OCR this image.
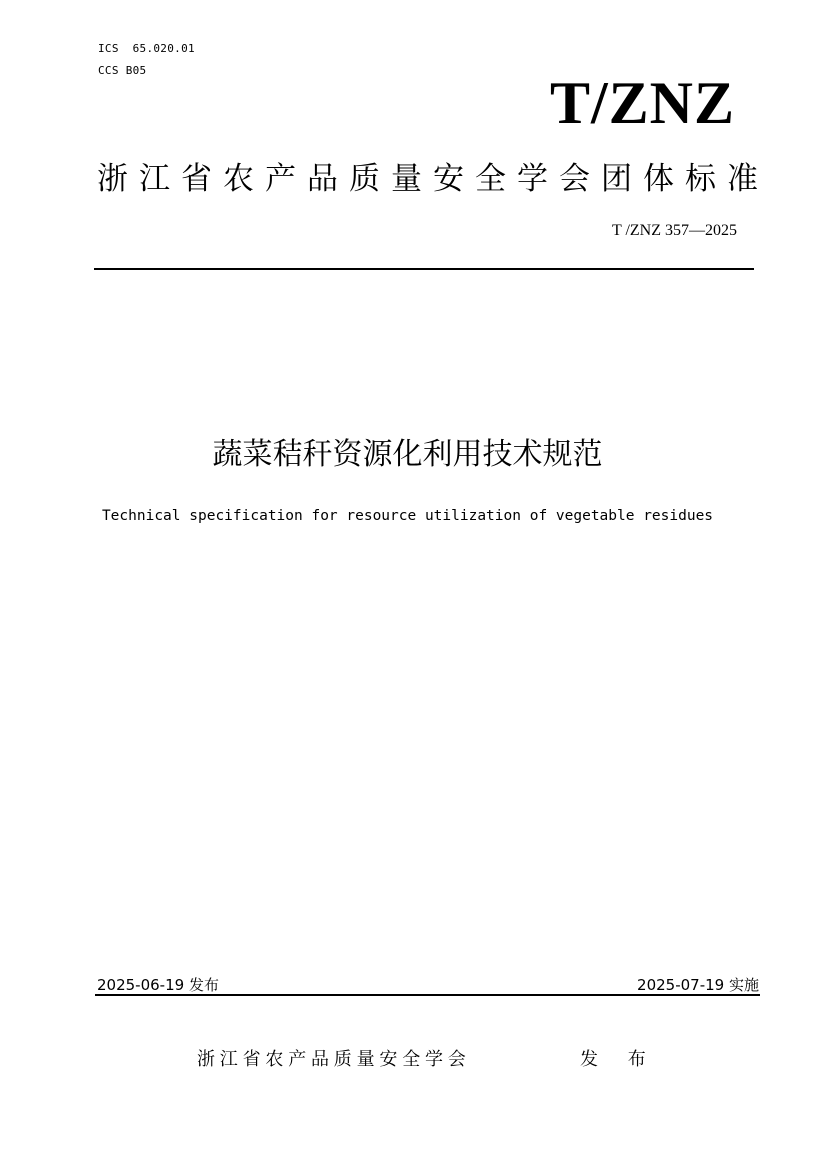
ICS  65.020.01
CCS B05	T/ZNZ
浙江省农产品质量安全学会团体标准
T /ZNZ 357—2025
蔬菜秸秆资源化利用技术规范
Technical specification for resource utilization of vegetable residues
2025-06-19 发布	2025-07-19 实施
浙江省农产品质量安全学会	发 布
